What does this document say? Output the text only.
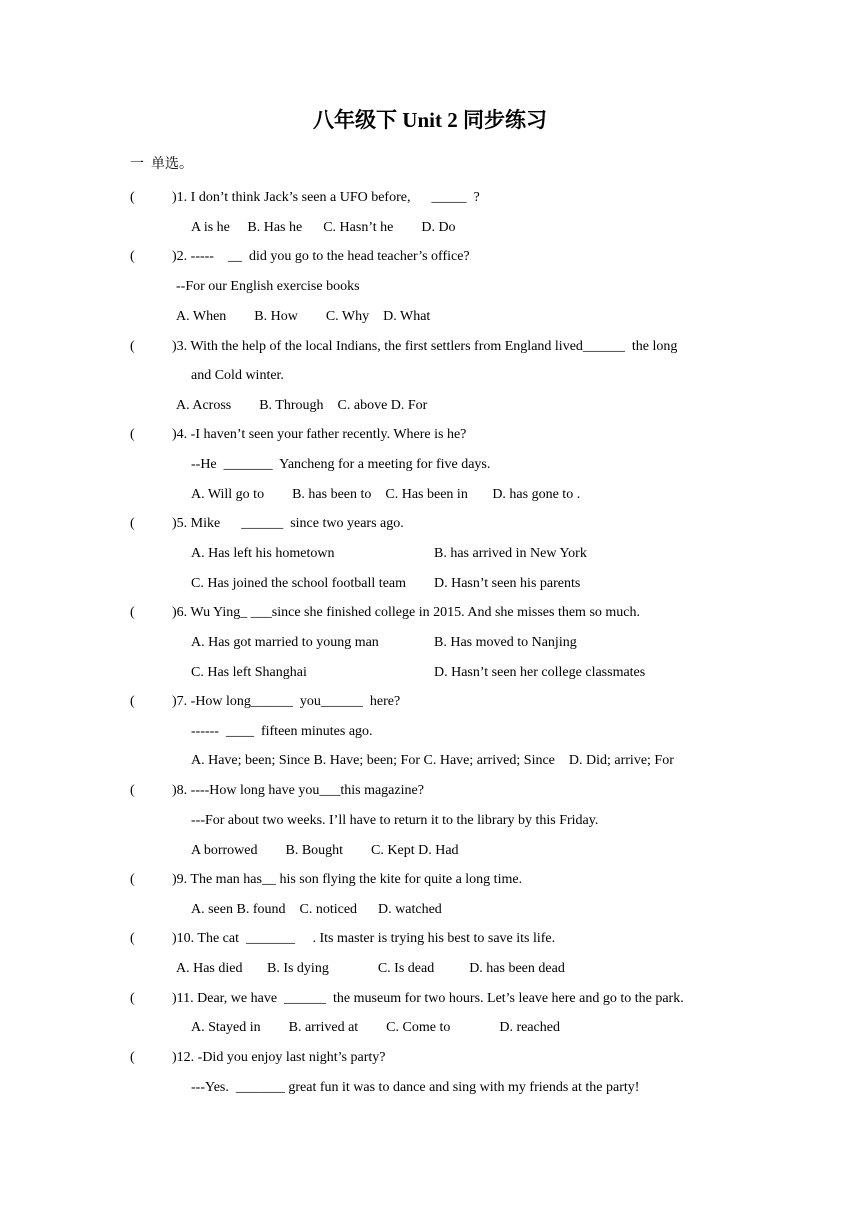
八年级下 Unit 2 同步练习
一  单选。
(	)1. I don’t think Jack’s seen a UFO before,      _____  ?
A is he     B. Has he      C. Hasn’t he        D. Do
(	)2. -----    __  did you go to the head teacher’s office?
--For our English exercise books
A. When        B. How        C. Why    D. What
(	)3. With the help of the local Indians, the first settlers from England lived______  the long
and Cold winter.
A. Across        B. Through    C. above D. For
(	)4. -I haven’t seen your father recently. Where is he?
--He  _______  Yancheng for a meeting for five days.
A. Will go to        B. has been to    C. Has been in       D. has gone to .
(	)5. Mike      ______  since two years ago.
A. Has left his hometown	B. has arrived in New York
C. Has joined the school football team D. Hasn’t seen his parents
(	)6. Wu Ying_ ___since she finished college in 2015. And she misses them so much.
A. Has got married to young man	B. Has moved to Nanjing
C. Has left Shanghai	D. Hasn’t seen her college classmates
(	)7. -How long______  you______  here?
------  ____  fifteen minutes ago.
A. Have; been; Since B. Have; been; For C. Have; arrived; Since    D. Did; arrive; For
(	)8. ----How long have you___this magazine?
---For about two weeks. I’ll have to return it to the library by this Friday.
A borrowed        B. Bought        C. Kept D. Had
(	)9. The man has__ his son flying the kite for quite a long time.
A. seen B. found    C. noticed      D. watched
(	)10. The cat  _______     . Its master is trying his best to save its life.
A. Has died       B. Is dying              C. Is dead          D. has been dead
(	)11. Dear, we have  ______  the museum for two hours. Let’s leave here and go to the park.
A. Stayed in        B. arrived at        C. Come to              D. reached
(	)12. -Did you enjoy last night’s party?
---Yes.  _______ great fun it was to dance and sing with my friends at the party!
